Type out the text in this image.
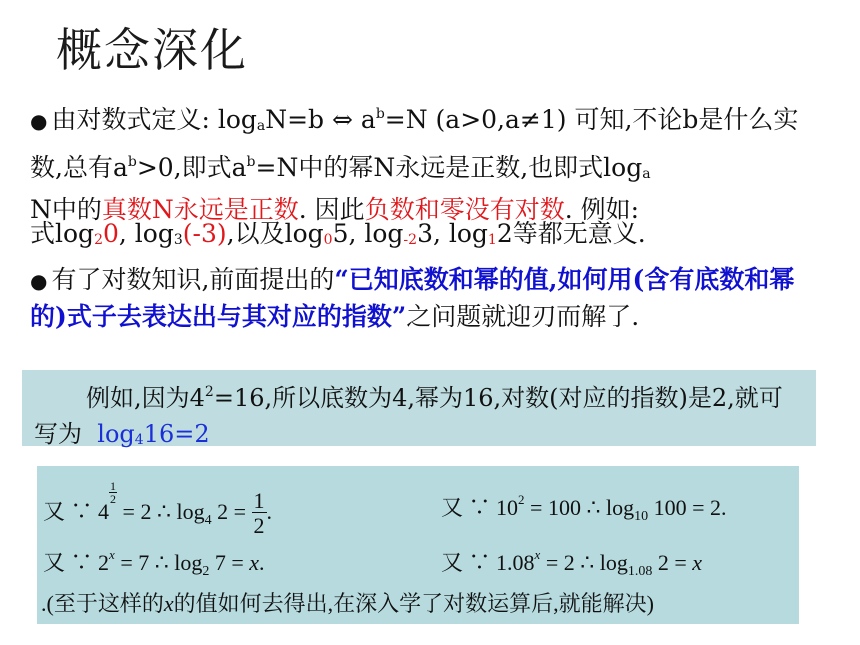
概念深化
● 由对数式定义: logaN=b ⇔ $a^b=N$ (a>0,a≠1) 可知,不论b是什么实数,总有$a^b>0$,即式$a^b=N$中的幂N永远是正数,也即式loga
N中的真数N永远是正数. 因此负数和零没有对数. 例如:
式log20, log3(-3),以及log05, log-23, log12等都无意义.
● 有了对数知识,前面提出的“已知底数和幂的值,如何用(含有底数和幂的)式子去表达出与其对应的指数”之问题就迎刃而解了.
例如,因为$4^2=16$,所以底数为4,幂为16,对数(对应的指数)是2,就可写为 log416=2
又 ∵ 4
$\frac{1}{2}$
= 2 ∴ $\log_4 2 = \frac{1}{2}$ .	又 ∵ $10^2 = 100$ ∴ $\log_{10} 100 = 2$.
又 ∵ $2^x = 7$ ∴ $\log_2 7 = x$.	又 ∵ $1.08^x = 2$ ∴ $\log_{1.08} 2 = x$
.(至于这样的x的值如何去得出,在深入学了对数运算后,就能解决)
